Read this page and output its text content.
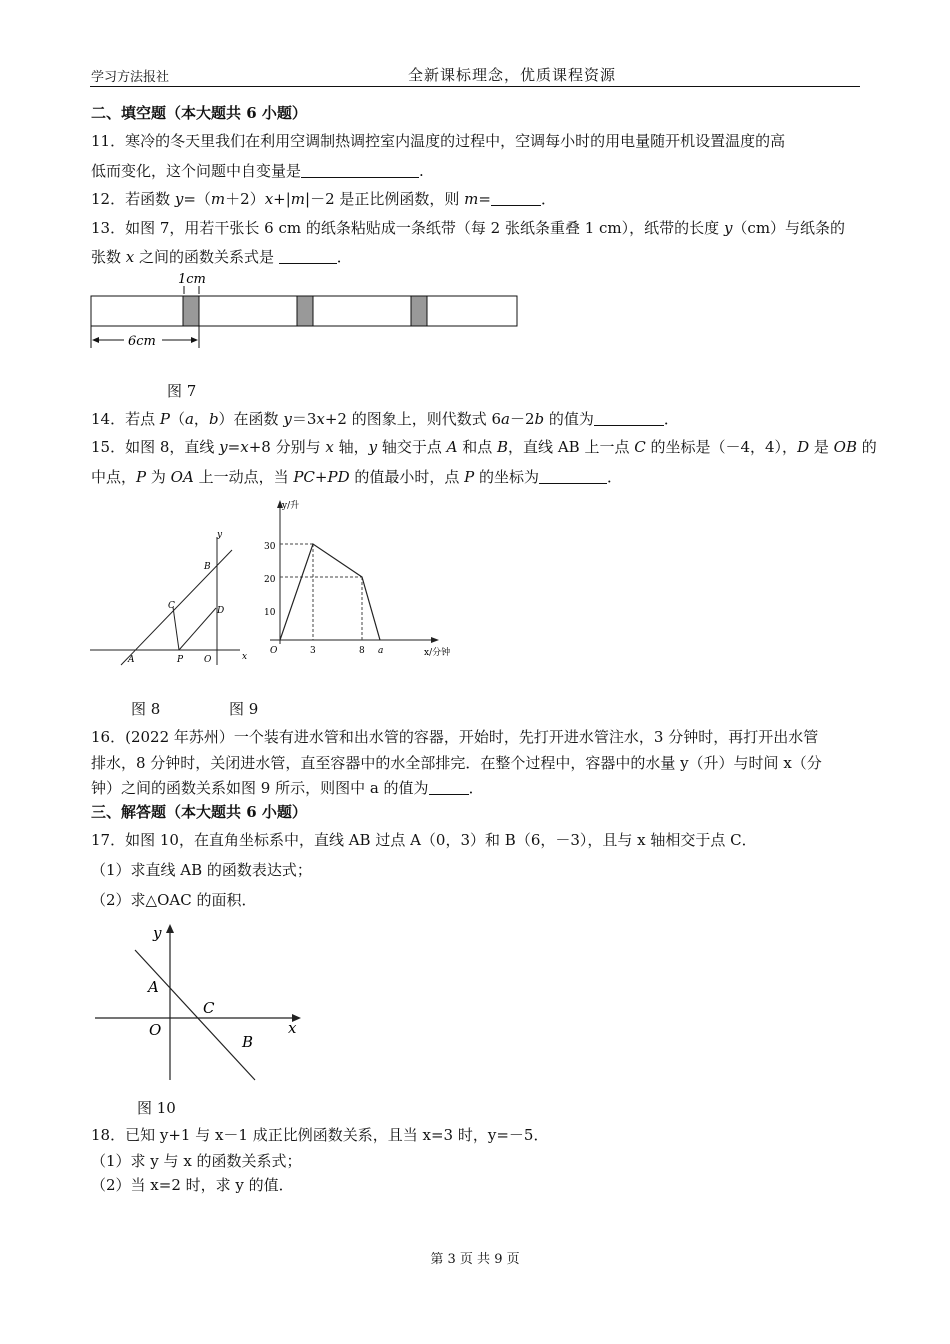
学习方法报社	全新课标理念，优质课程资源
二、填空题（本大题共 6 小题）
11．寒冷的冬天里我们在利用空调制热调控室内温度的过程中，空调每小时的用电量随开机设置温度的高
低而变化，这个问题中自变量是	.
12．若函数 y=（m＋2）x+|m|－2 是正比例函数，则 m=	．
13．如图 7，用若干张长 6 cm 的纸条粘贴成一条纸带（每 2 张纸条重叠 1 cm），纸带的长度 y（cm）与纸条的
张数 x 之间的函数关系式是	．
1cm
6cm
图 7
14．若点 P（a，b）在函数 y＝3x+2 的图象上，则代数式 6a－2b 的值为	．
15．如图 8，直线 y=x+8 分别与 x 轴，y 轴交于点 A 和点 B，直线 AB 上一点 C 的坐标是（－4，4），D 是 OB 的
中点，P 为 OA 上一动点，当 PC+PD 的值最小时，点 P 的坐标为	．
y
B
C	D
A	P O	x
y/升
x/分钟
30
20
10
O	3	8 a
图 8	图 9
16．(2022 年苏州）一个装有进水管和出水管的容器，开始时，先打开进水管注水，3 分钟时，再打开出水管
排水，8 分钟时，关闭进水管，直至容器中的水全部排完．在整个过程中，容器中的水量 y（升）与时间 x（分
钟）之间的函数关系如图 9 所示，则图中 a 的值为	．
三、解答题（本大题共 6 小题）
17．如图 10，在直角坐标系中，直线 AB 过点 A（0，3）和 B（6，－3），且与 x 轴相交于点 C．
（1）求直线 AB 的函数表达式；
（2）求△OAC 的面积．
y
A
C
O	x
B
图 10
18．已知 y+1 与 x－1 成正比例函数关系，且当 x=3 时，y=－5．
（1）求 y 与 x 的函数关系式；
（2）当 x=2 时，求 y 的值．
第 3 页 共 9 页
